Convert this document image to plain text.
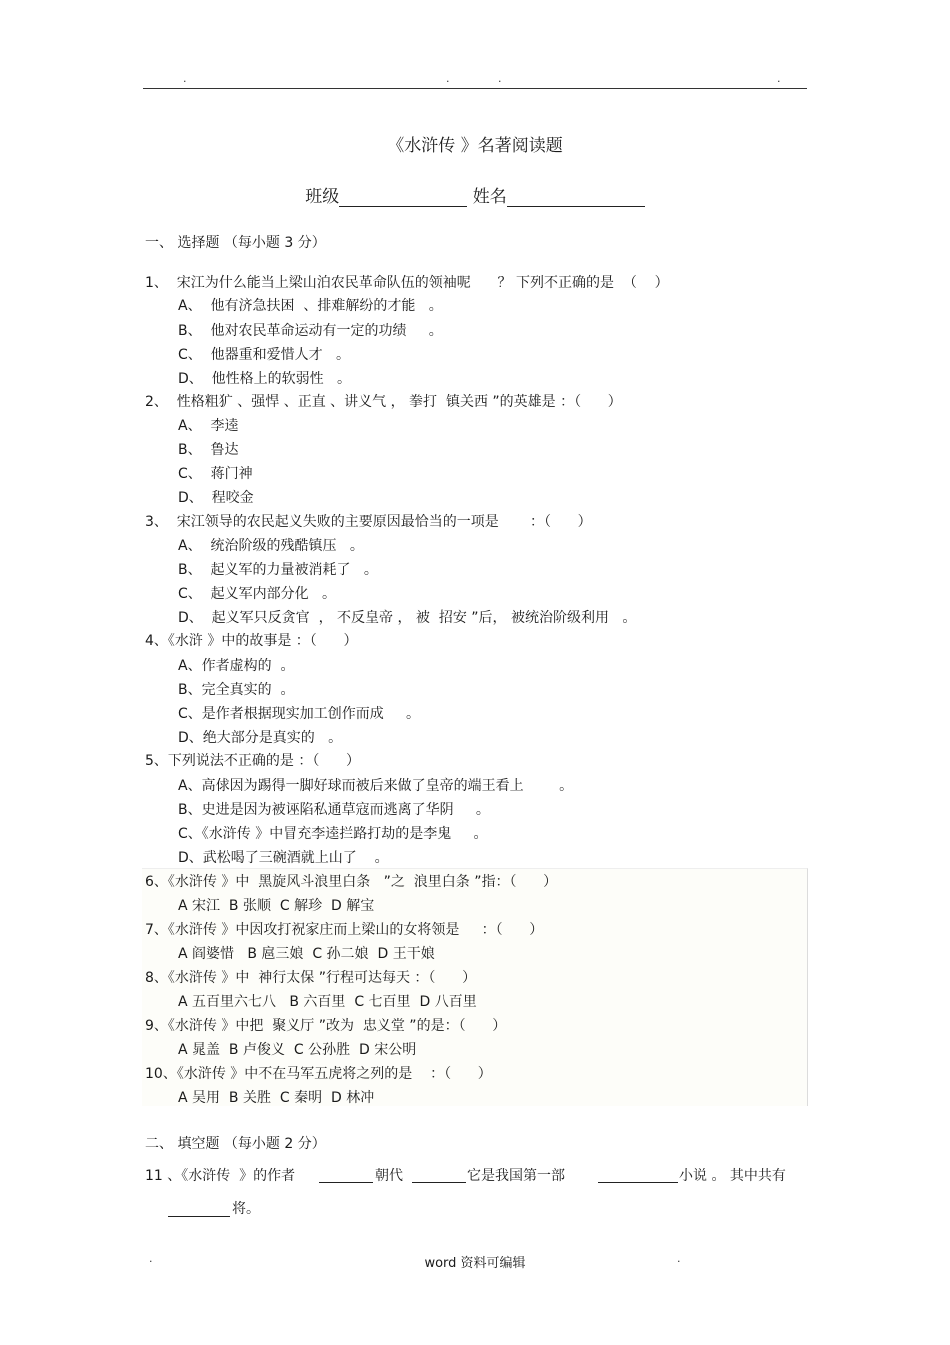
.	.	.	.
《水浒传 》名著阅读题
班级	姓名
一、 选择题 （每小题 3 分）
1、  宋江为什么能当上梁山泊农民革命队伍的领袖呢      ？ 下列不正确的是  （    ）
A、  他有济急扶困  、排难解纷的才能   。
B、  他对农民革命运动有一定的功绩     。
C、  他器重和爱惜人才   。
D、  他性格上的软弱性   。
2、  性格粗犷 、强悍 、正直 、讲义气 ， 拳打  镇关西 ”的英雄是 ：（      ）
A、  李逵
B、  鲁达
C、  蒋门神
D、  程咬金
3、  宋江领导的农民起义失败的主要原因最恰当的一项是       ：（      ）
A、  统治阶级的残酷镇压   。
B、  起义军的力量被消耗了   。
C、  起义军内部分化   。
D、  起义军只反贪官  ， 不反皇帝 ， 被  招安 ”后， 被统治阶级利用   。
4、《水浒 》中的故事是 ：（      ）
A、作者虚构的  。
B、完全真实的  。
C、是作者根据现实加工创作而成     。
D、绝大部分是真实的   。
5、下列说法不正确的是 ：（      ）
A、高俅因为踢得一脚好球而被后来做了皇帝的端王看上        。
B、史进是因为被诬陷私通草寇而逃离了华阴     。
C、《水浒传 》中冒充李逵拦路打劫的是李鬼     。
D、武松喝了三碗酒就上山了    。
6、《水浒传 》中  黑旋风斗浪里白条   ”之  浪里白条 ”指：（      ）
A 宋江  B 张顺  C 解珍  D 解宝
7、《水浒传 》中因攻打祝家庄而上梁山的女将领是     ：（      ）
A 阎婆惜   B 扈三娘  C 孙二娘  D 王干娘
8、《水浒传 》中  神行太保 ”行程可达每天 ：（      ）
A 五百里六七八   B 六百里  C 七百里  D 八百里
9、《水浒传 》中把  聚义厅 ”改为  忠义堂 ”的是：（      ）
A 晁盖  B 卢俊义  C 公孙胜  D 宋公明
10、《水浒传 》中不在马军五虎将之列的是    ：（      ）
A 吴用  B 关胜  C 秦明  D 林冲
二、 填空题 （每小题 2 分）
11 、《水浒传  》的作者	朝代	它是我国第一部	小说 。 其中共有
将。
.	word 资料可编辑	.
